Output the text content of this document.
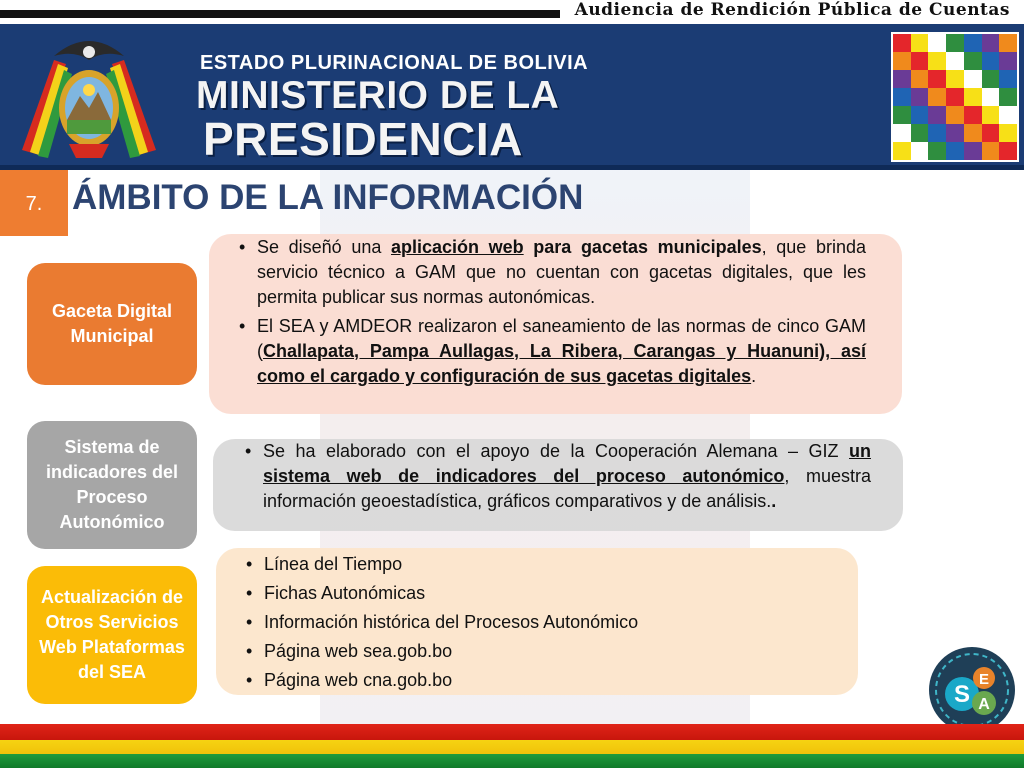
Audiencia de Rendición Pública de Cuentas
ESTADO PLURINACIONAL DE BOLIVIA
MINISTERIO DE LA
PRESIDENCIA
7. ÁMBITO DE LA INFORMACIÓN
Gaceta Digital Municipal
• Se diseñó una aplicación web para gacetas municipales, que brinda servicio técnico a GAM que no cuentan con gacetas digitales, que les permita publicar sus normas autonómicas.
• El SEA y AMDEOR realizaron el saneamiento de las normas de cinco GAM (Challapata, Pampa Aullagas, La Ribera, Carangas y Huanuni), así como el cargado y configuración de sus gacetas digitales.
Sistema de indicadores del Proceso Autonómico
• Se ha elaborado con el apoyo de la Cooperación Alemana – GIZ un sistema web de indicadores del proceso autonómico, muestra información geoestadística, gráficos comparativos y de análisis..
Actualización de Otros Servicios Web Plataformas del SEA
• Línea del Tiempo
• Fichas Autonómicas
• Información histórica del Procesos Autonómico
• Página web sea.gob.bo
• Página web cna.gob.bo
S
E
A
